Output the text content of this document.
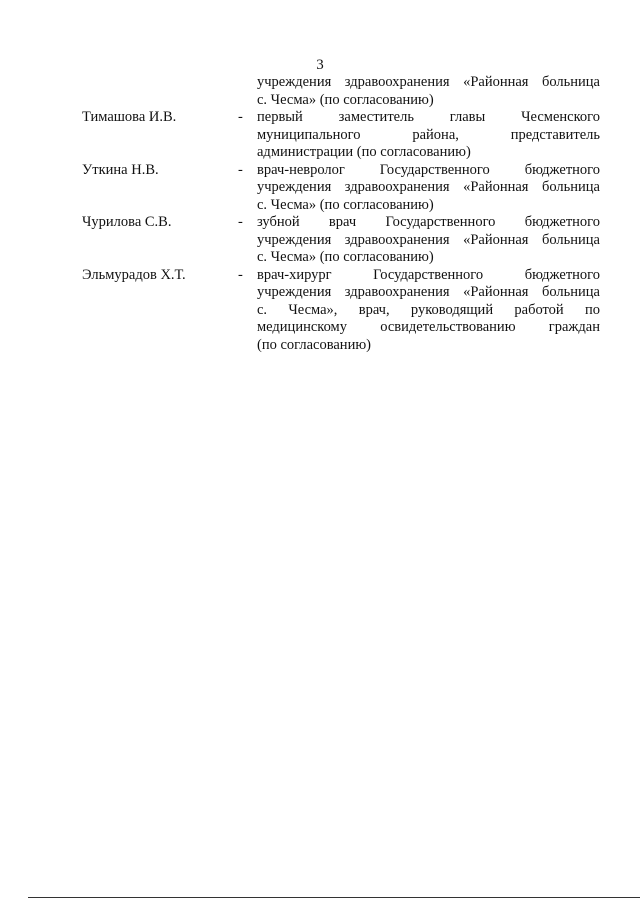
3
учреждения здравоохранения «Районная больница
с. Чесма» (по согласованию)
Тимашова И.В.	- первый заместитель главы Чесменского
муниципального района, представитель
администрации (по согласованию)
Уткина Н.В.	- врач-невролог Государственного бюджетного
учреждения здравоохранения «Районная больница
с. Чесма» (по согласованию)
Чурилова С.В.	- зубной врач Государственного бюджетного
учреждения здравоохранения «Районная больница
с. Чесма» (по согласованию)
Эльмурадов Х.Т.	- врач-хирург Государственного бюджетного
учреждения здравоохранения «Районная больница
с. Чесма», врач, руководящий работой по
медицинскому освидетельствованию граждан
(по согласованию)
